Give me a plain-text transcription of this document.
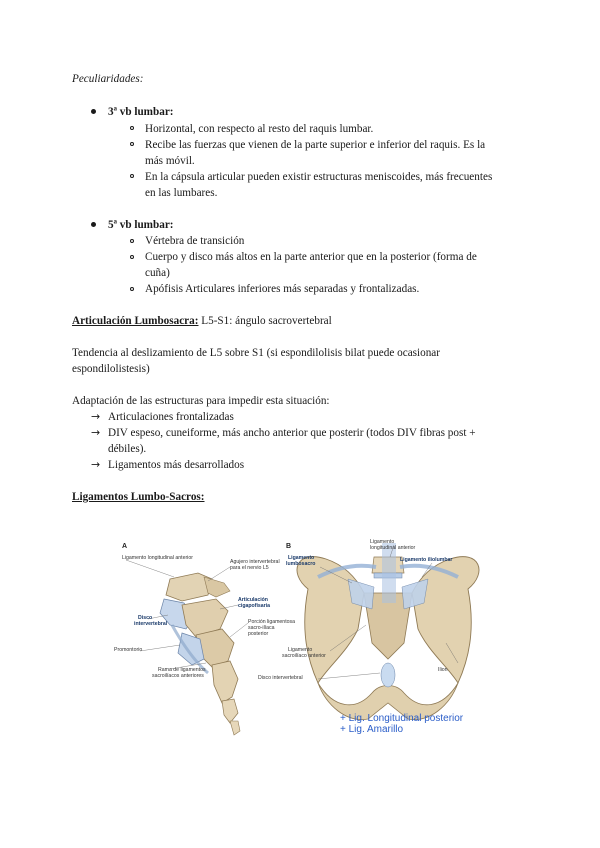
Peculiaridades:
3ª vb lumbar:
Horizontal, con respecto al resto del raquis lumbar.
Recibe las fuerzas que vienen de la parte superior e inferior del raquis. Es la
más móvil.
En la cápsula articular pueden existir estructuras meniscoides, más frecuentes
en las lumbares.
5ª vb lumbar:
Vértebra de transición
Cuerpo y disco más altos en la parte anterior que en la posterior (forma de
cuña)
Apófisis Articulares inferiores más separadas y frontalizadas.
Articulación Lumbosacra: L5-S1: ángulo sacrovertebral
Tendencia al deslizamiento de L5 sobre S1 (si espondilolisis bilat puede ocasionar
espondilolistesis)
Adaptación de las estructuras para impedir esta situación:
→ Articulaciones frontalizadas
→ DIV espeso, cuneiforme, más ancho anterior que posterir (todos DIV fibras post +
débiles).
→ Ligamentos más desarrollados
Ligamentos Lumbo-Sacros:
A	B
Ligamento longitudinal anterior
Agujero intervertebral
para el nervio L5
Articulación
cigapofisaria
Disco
intervertebral	Porción ligamentosa
sacro-ilíaca
posterior
Promontorio
Rama de ligamentos
sacroilíacos anteriores
Ligamento
longitudinal anterior
Ligamento
lumbosacro
Ligamento iliolumbar
Ligamento
sacroilíaco anterior
Disco intervertebral
Ilion
+ Lig. Longitudinal posterior
+ Lig. Amarillo
